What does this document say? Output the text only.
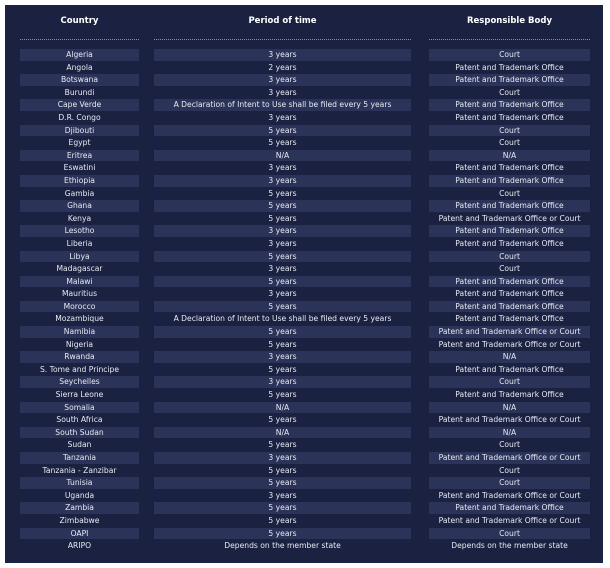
Country	Period of time	Responsible Body
Algeria	3 years	Court
Angola	2 years	Patent and Trademark Office
Botswana	3 years	Patent and Trademark Office
Burundi	3 years	Court
Cape Verde	A Declaration of Intent to Use shall be filed every 5 years	Patent and Trademark Office
D.R. Congo	3 years	Patent and Trademark Office
Djibouti	5 years	Court
Egypt	5 years	Court
Eritrea	N/A	N/A
Eswatini	3 years	Patent and Trademark Office
Ethiopia	3 years	Patent and Trademark Office
Gambia	5 years	Court
Ghana	5 years	Patent and Trademark Office
Kenya	5 years	Patent and Trademark Office or Court
Lesotho	3 years	Patent and Trademark Office
Liberia	3 years	Patent and Trademark Office
Libya	5 years	Court
Madagascar	3 years	Court
Malawi	5 years	Patent and Trademark Office
Mauritius	3 years	Patent and Trademark Office
Morocco	5 years	Patent and Trademark Office
Mozambique	A Declaration of Intent to Use shall be filed every 5 years	Patent and Trademark Office
Namibia	5 years	Patent and Trademark Office or Court
Nigeria	5 years	Patent and Trademark Office or Court
Rwanda	3 years	N/A
S. Tome and Principe	5 years	Patent and Trademark Office
Seychelles	3 years	Court
Sierra Leone	5 years	Patent and Trademark Office
Somalia	N/A	N/A
South Africa	5 years	Patent and Trademark Office or Court
South Sudan	N/A	N/A
Sudan	5 years	Court
Tanzania	3 years	Patent and Trademark Office or Court
Tanzania - Zanzibar	5 years	Court
Tunisia	5 years	Court
Uganda	3 years	Patent and Trademark Office or Court
Zambia	5 years	Patent and Trademark Office
Zimbabwe	5 years	Patent and Trademark Office or Court
OAPI	5 years	Court
ARIPO	Depends on the member state	Depends on the member state
